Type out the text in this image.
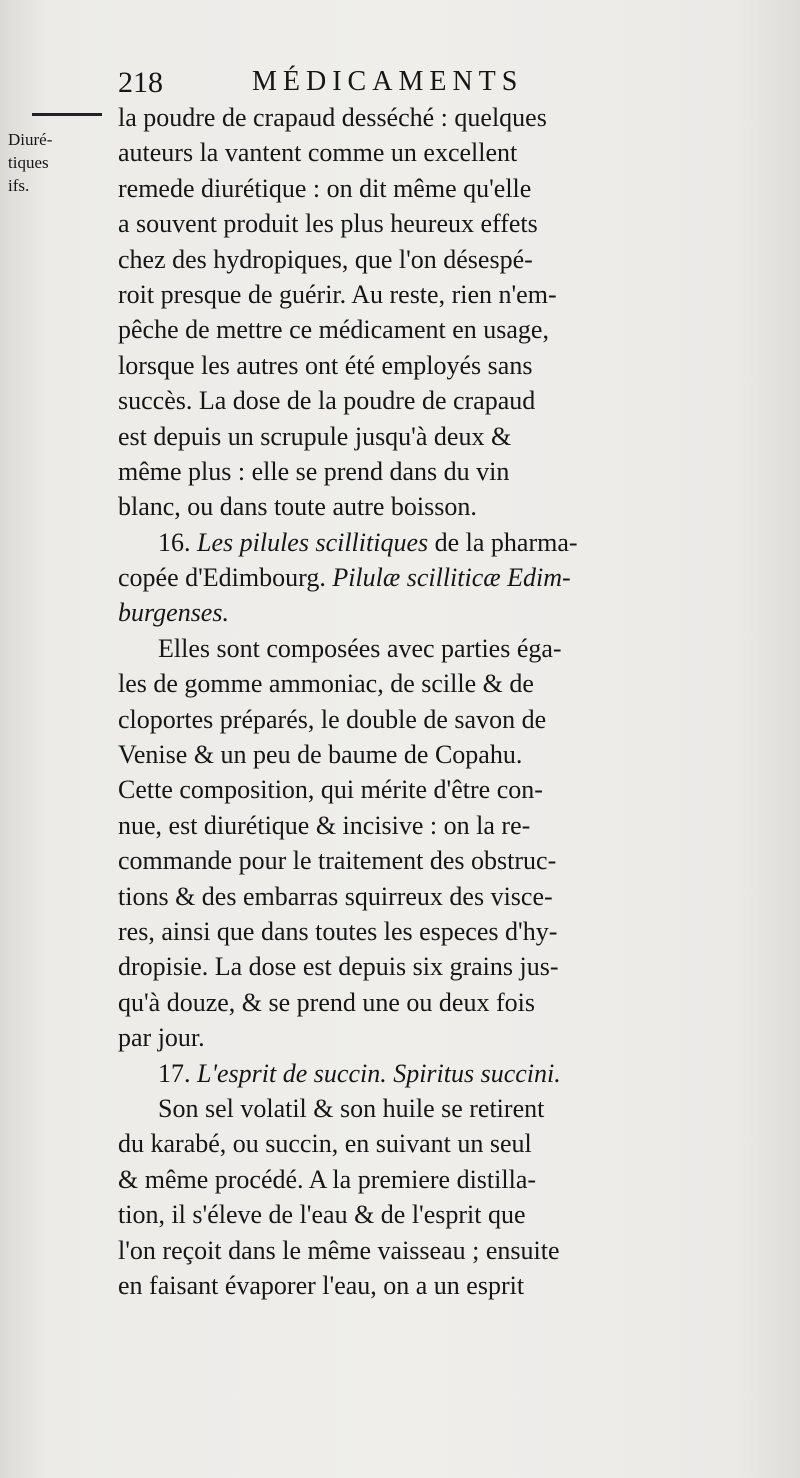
218	MÉDICAMENTS
Diuré-
tiques
ifs.
la poudre de crapaud desséché : quelques
auteurs la vantent comme un excellent
remede diurétique : on dit même qu'elle
a souvent produit les plus heureux effets
chez des hydropiques, que l'on désespé-
roit presque de guérir. Au reste, rien n'em-
pêche de mettre ce médicament en usage,
lorsque les autres ont été employés sans
succès. La dose de la poudre de crapaud
est depuis un scrupule jusqu'à deux &
même plus : elle se prend dans du vin
blanc, ou dans toute autre boisson.
16. Les pilules scillitiques de la pharma-
copée d'Edimbourg. Pilulæ scilliticæ Edim-
burgenses.
Elles sont composées avec parties éga-
les de gomme ammoniac, de scille & de
cloportes préparés, le double de savon de
Venise & un peu de baume de Copahu.
Cette composition, qui mérite d'être con-
nue, est diurétique & incisive : on la re-
commande pour le traitement des obstruc-
tions & des embarras squirreux des visce-
res, ainsi que dans toutes les especes d'hy-
dropisie. La dose est depuis six grains jus-
qu'à douze, & se prend une ou deux fois
par jour.
17. L'esprit de succin. Spiritus succini.
Son sel volatil & son huile se retirent
du karabé, ou succin, en suivant un seul
& même procédé. A la premiere distilla-
tion, il s'éleve de l'eau & de l'esprit que
l'on reçoit dans le même vaisseau ; ensuite
en faisant évaporer l'eau, on a un esprit
